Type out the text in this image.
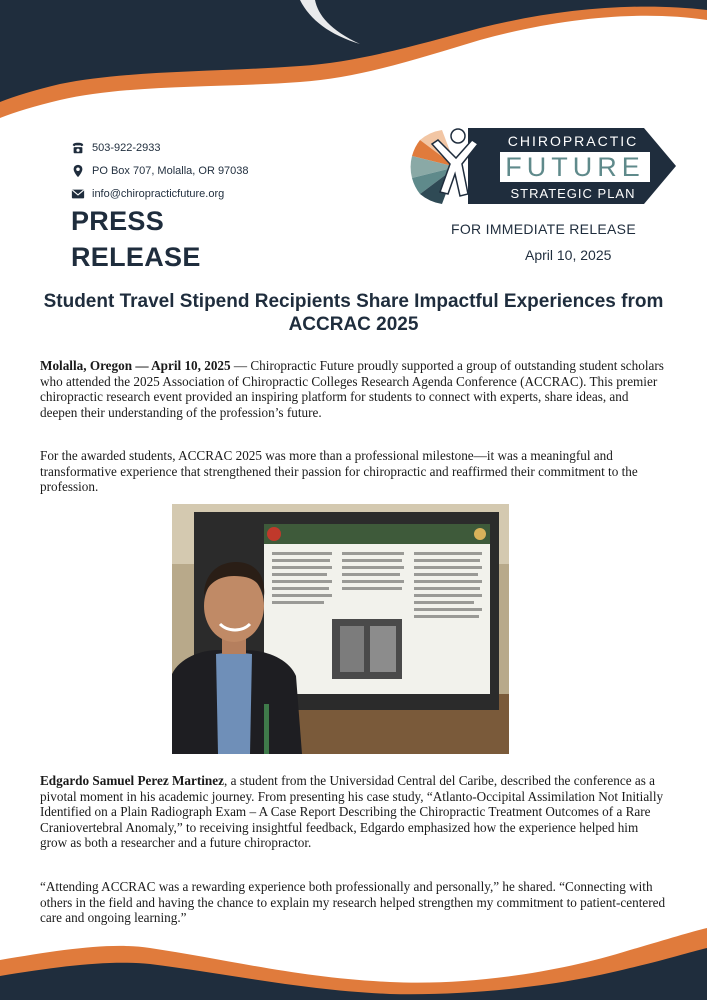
503-922-2933
PO Box 707, Molalla, OR 97038
info@chiropracticfuture.org
PRESS
RELEASE
CHIROPRACTIC
FUTURE
STRATEGIC PLAN
FOR IMMEDIATE RELEASE
April 10, 2025
Student Travel Stipend Recipients Share Impactful Experiences from ACCRAC 2025

Molalla, Oregon — April 10, 2025 — Chiropractic Future proudly supported a group of outstanding student scholars who attended the 2025 Association of Chiropractic Colleges Research Agenda Conference (ACCRAC). This premier chiropractic research event provided an inspiring platform for students to connect with experts, share ideas, and deepen their understanding of the profession’s future.

For the awarded students, ACCRAC 2025 was more than a professional milestone—it was a meaningful and transformative experience that strengthened their passion for chiropractic and reaffirmed their commitment to the profession.

Edgardo Samuel Perez Martinez, a student from the Universidad Central del Caribe, described the conference as a pivotal moment in his academic journey. From presenting his case study, “Atlanto-Occipital Assimilation Not Initially Identified on a Plain Radiograph Exam – A Case Report Describing the Chiropractic Treatment Outcomes of a Rare Craniovertebral Anomaly,” to receiving insightful feedback, Edgardo emphasized how the experience helped him grow as both a researcher and a future chiropractor.

“Attending ACCRAC was a rewarding experience both professionally and personally,” he shared. “Connecting with others in the field and having the chance to explain my research helped strengthen my commitment to patient-centered care and ongoing learning.”
